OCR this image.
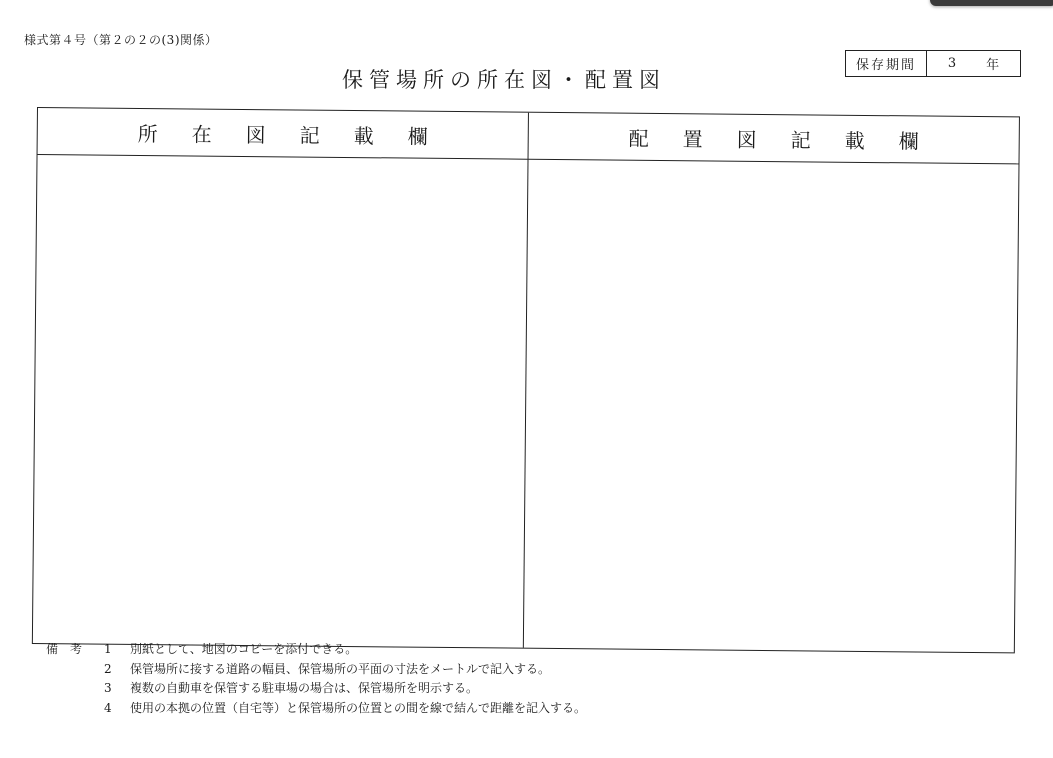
様式第４号（第２の２の(3)関係）
保管場所の所在図・配置図
保存期間	3 年
所在図記載欄	配置図記載欄
備考 1	別紙として、地図のコピーを添付できる。
2	保管場所に接する道路の幅員、保管場所の平面の寸法をメートルで記入する。
3	複数の自動車を保管する駐車場の場合は、保管場所を明示する。
4	使用の本拠の位置（自宅等）と保管場所の位置との間を線で結んで距離を記入する。
